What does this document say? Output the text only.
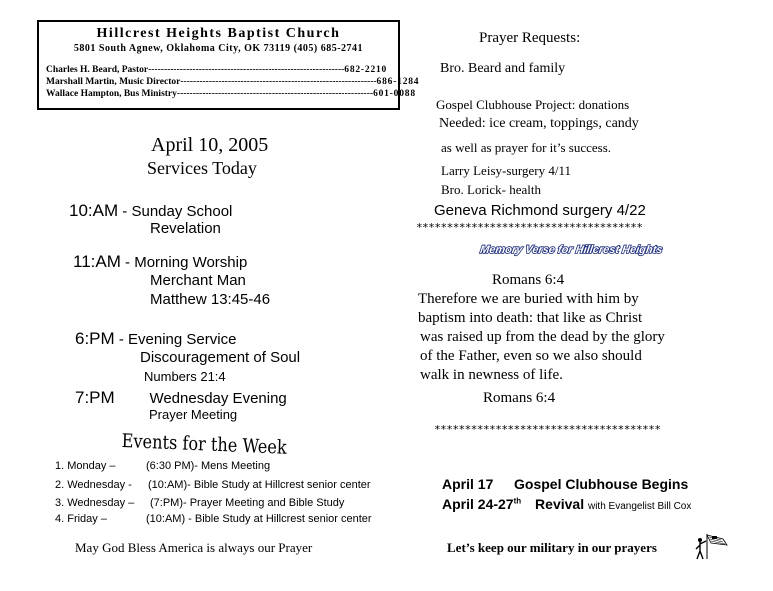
Hillcrest Heights Baptist Church
5801 South Agnew, Oklahoma City, OK 73119 (405) 685-2741
Charles H. Beard, Pastor -------------------------------------------------------------- 682-2210
Marshall Martin, Music Director -------------------------------------------------------------- 686-1284
Wallace Hampton, Bus Ministry -------------------------------------------------------------- 601-0088
April 10, 2005
Services Today
10:AM - Sunday School
Revelation
11:AM - Morning Worship
Merchant Man
Matthew 13:45-46
6:PM - Evening Service
Discouragement of Soul
Numbers 21:4
7:PM Wednesday Evening
Prayer Meeting
Events for the Week
1. Monday –	(6:30 PM)- Mens Meeting
2. Wednesday - (10:AM)- Bible Study at Hillcrest senior center
3. Wednesday – (7:PM)- Prayer Meeting and Bible Study
4. Friday –	(10:AM) - Bible Study at Hillcrest senior center
May God Bless America is always our Prayer
Prayer Requests:
Bro. Beard and family
Gospel Clubhouse Project: donations
Needed: ice cream, toppings, candy
as well as prayer for it’s success.
Larry Leisy-surgery 4/11
Bro. Lorick- health
Geneva Richmond surgery 4/22
*************************************
Memory Verse for Hillcrest Heights
Romans 6:4
Therefore we are buried with him by
baptism into death: that like as Christ
was raised up from the dead by the glory
of the Father, even so we also should
walk in newness of life.
Romans 6:4
*************************************
April 17 Gospel Clubhouse Begins
April 24-27th Revival with Evangelist Bill Cox
Let’s keep our military in our prayers
